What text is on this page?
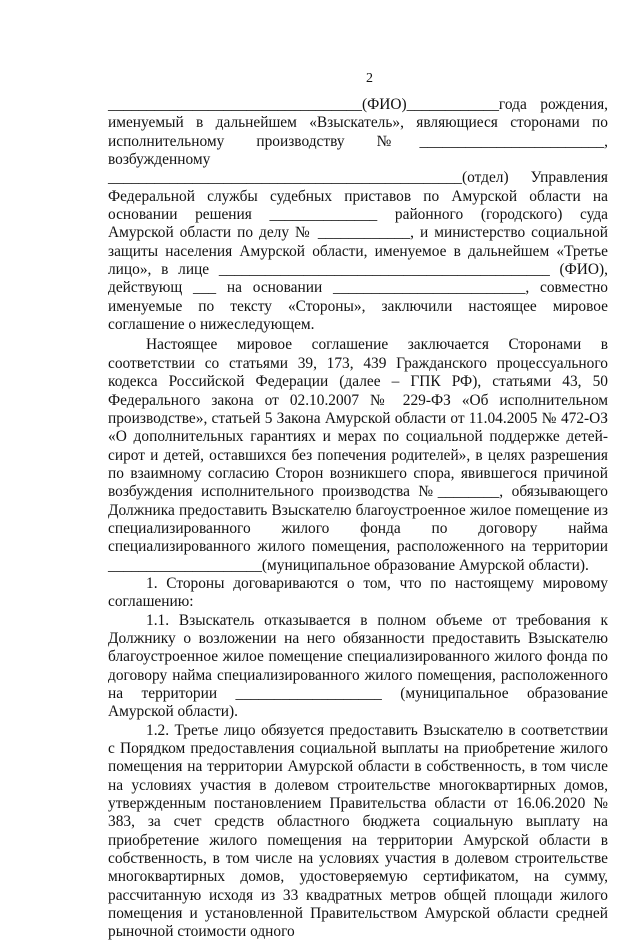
2

_________________________________(ФИО)____________года рождения, именуемый в дальнейшем «Взыскатель», являющиеся сторонами по исполнительному производству №________________________, возбужденному ______________________________________________(отдел) Управления Федеральной службы судебных приставов по Амурской области на основании решения ______________ районного (городского) суда Амурской области по делу № ____________, и министерство социальной защиты населения Амурской области, именуемое в дальнейшем «Третье лицо», в лице ___________________________________________ (ФИО), действующ ___ на основании _________________________, совместно именуемые по тексту «Стороны», заключили настоящее мировое соглашение о нижеследующем.

Настоящее мировое соглашение заключается Сторонами в соответствии со статьями 39, 173, 439 Гражданского процессуального кодекса Российской Федерации (далее – ГПК РФ), статьями 43, 50 Федерального закона от 02.10.2007 № 229-ФЗ «Об исполнительном производстве», статьей 5 Закона Амурской области от 11.04.2005 № 472-ОЗ «О дополнительных гарантиях и мерах по социальной поддержке детей-сирот и детей, оставшихся без попечения родителей», в целях разрешения по взаимному согласию Сторон возникшего спора, явившегося причиной возбуждения исполнительного производства №________, обязывающего Должника предоставить Взыскателю благоустроенное жилое помещение из специализированного жилого фонда по договору найма специализированного жилого помещения, расположенного на территории ____________________(муниципальное образование Амурской области).

1. Стороны договариваются о том, что по настоящему мировому соглашению:

1.1. Взыскатель отказывается в полном объеме от требования к Должнику о возложении на него обязанности предоставить Взыскателю благоустроенное жилое помещение специализированного жилого фонда по договору найма специализированного жилого помещения, расположенного на территории ___________________ (муниципальное образование Амурской области).

1.2. Третье лицо обязуется предоставить Взыскателю в соответствии с Порядком предоставления социальной выплаты на приобретение жилого помещения на территории Амурской области в собственность, в том числе на условиях участия в долевом строительстве многоквартирных домов, утвержденным постановлением Правительства области от 16.06.2020 № 383, за счет средств областного бюджета социальную выплату на приобретение жилого помещения на территории Амурской области в собственность, в том числе на условиях участия в долевом строительстве многоквартирных домов, удостоверяемую сертификатом, на сумму, рассчитанную исходя из 33 квадратных метров общей площади жилого помещения и установленной Правительством Амурской области средней рыночной стоимости одного
